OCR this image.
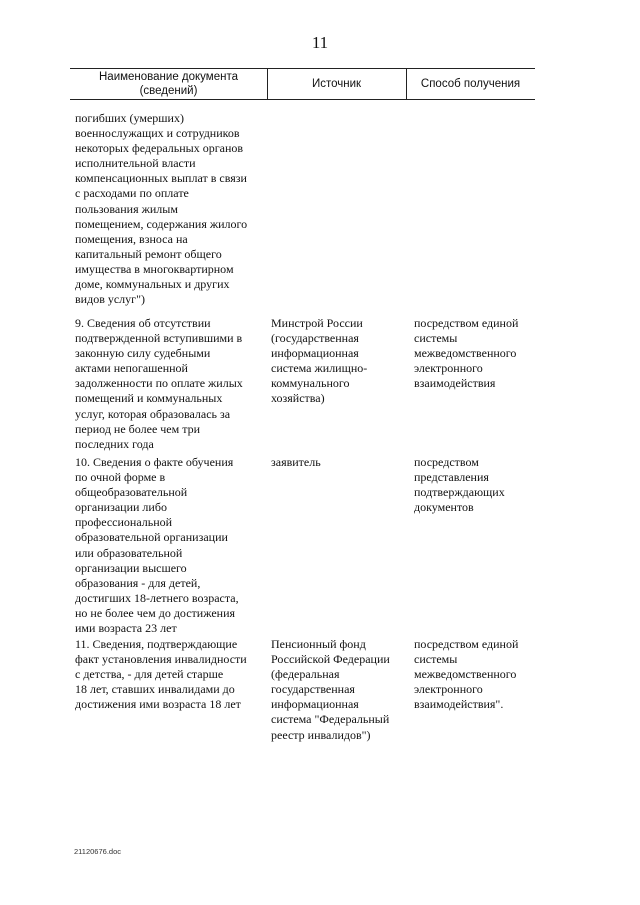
11
Наименование документа
(сведений)
Источник	Способ получения
погибших (умерших)
военнослужащих и сотрудников
некоторых федеральных органов
исполнительной власти
компенсационных выплат в связи
с расходами по оплате
пользования жилым
помещением, содержания жилого
помещения, взноса на
капитальный ремонт общего
имущества в многоквартирном
доме, коммунальных и других
видов услуг")
9. Сведения об отсутствии
подтвержденной вступившими в
законную силу судебными
актами непогашенной
задолженности по оплате жилых
помещений и коммунальных
услуг, которая образовалась за
период не более чем три
последних года
Минстрой России
(государственная
информационная
система жилищно-
коммунального
хозяйства)
посредством единой
системы
межведомственного
электронного
взаимодействия
10. Сведения о факте обучения
по очной форме в
общеобразовательной
организации либо
профессиональной
образовательной организации
или образовательной
организации высшего
образования - для детей,
достигших 18-летнего возраста,
но не более чем до достижения
ими возраста 23 лет
заявитель	посредством
представления
подтверждающих
документов
11. Сведения, подтверждающие
факт установления инвалидности
с детства, - для детей старше
18 лет, ставших инвалидами до
достижения ими возраста 18 лет
Пенсионный фонд
Российской Федерации
(федеральная
государственная
информационная
система "Федеральный
реестр инвалидов")
посредством единой
системы
межведомственного
электронного
взаимодействия".
21120676.doc
